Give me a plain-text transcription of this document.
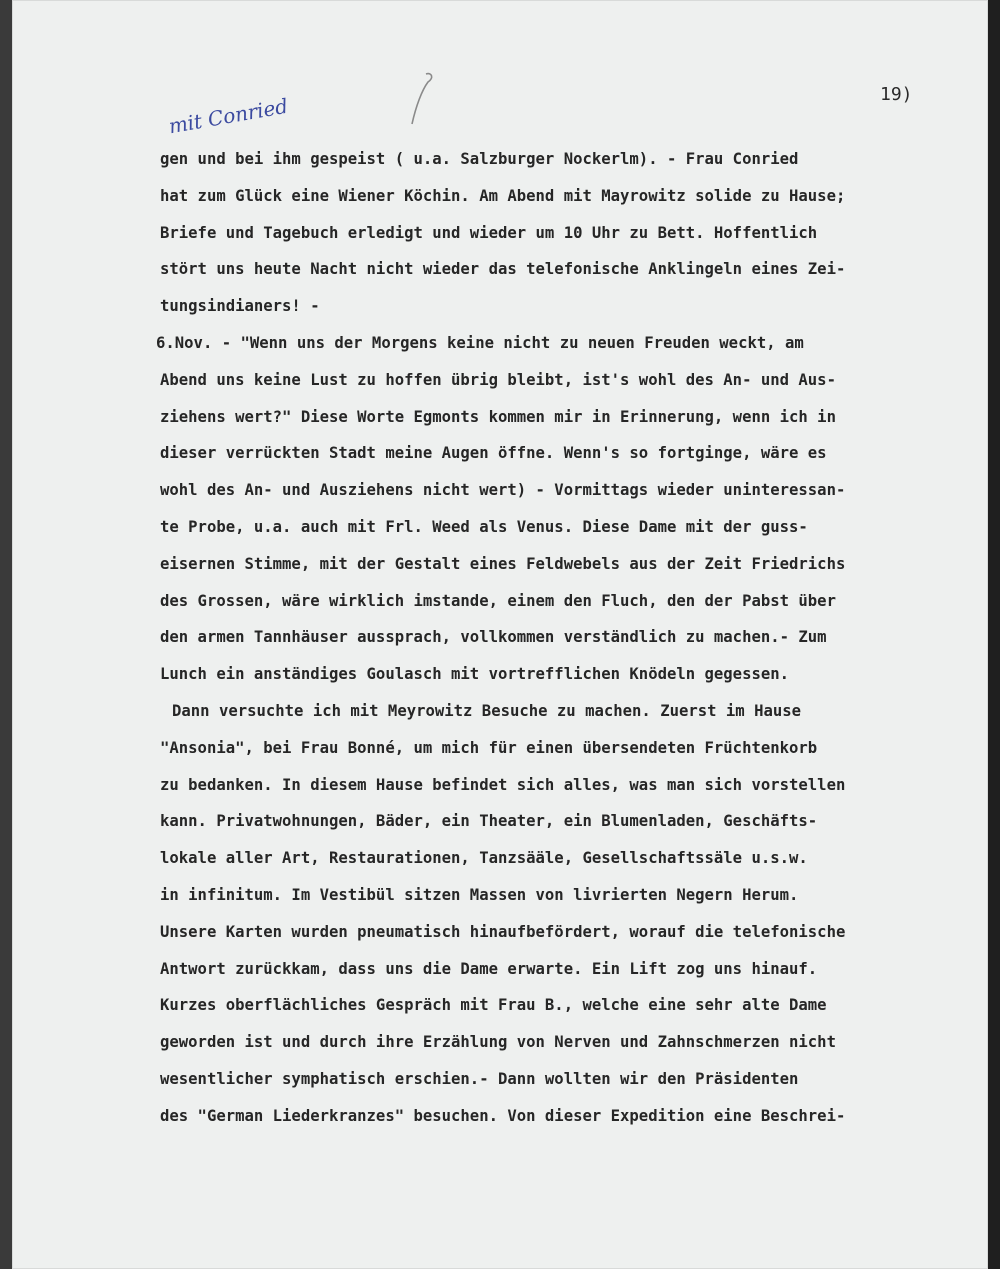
19)
mit Conried
gen und bei ihm gespeist ( u.a. Salzburger Nockerlm). - Frau Conried
hat zum Glück eine Wiener Köchin. Am Abend mit Mayrowitz solide zu Hause;
Briefe und Tagebuch erledigt und wieder um 10 Uhr zu Bett. Hoffentlich
stört uns heute Nacht nicht wieder das telefonische Anklingeln eines Zei-
tungsindianers! -
6.Nov. - "Wenn uns der Morgens keine nicht zu neuen Freuden weckt, am
Abend uns keine Lust zu hoffen übrig bleibt, ist's wohl des An- und Aus-
ziehens wert?" Diese Worte Egmonts kommen mir in Erinnerung, wenn ich in
dieser verrückten Stadt meine Augen öffne. Wenn's so fortginge, wäre es
wohl des An- und Ausziehens nicht wert) - Vormittags wieder uninteressan-
te Probe, u.a. auch mit Frl. Weed als Venus. Diese Dame mit der guss-
eisernen Stimme, mit der Gestalt eines Feldwebels aus der Zeit Friedrichs
des Grossen, wäre wirklich imstande, einem den Fluch, den der Pabst über
den armen Tannhäuser aussprach, vollkommen verständlich zu machen.- Zum
Lunch ein anständiges Goulasch mit vortrefflichen Knödeln gegessen.
Dann versuchte ich mit Meyrowitz Besuche zu machen. Zuerst im Hause
"Ansonia", bei Frau Bonné, um mich für einen übersendeten Früchtenkorb
zu bedanken. In diesem Hause befindet sich alles, was man sich vorstellen
kann. Privatwohnungen, Bäder, ein Theater, ein Blumenladen, Geschäfts-
lokale aller Art, Restaurationen, Tanzsääle, Gesellschaftssäle u.s.w.
in infinitum. Im Vestibül sitzen Massen von livrierten Negern Herum.
Unsere Karten wurden pneumatisch hinaufbefördert, worauf die telefonische
Antwort zurückkam, dass uns die Dame erwarte. Ein Lift zog uns hinauf.
Kurzes oberflächliches Gespräch mit Frau B., welche eine sehr alte Dame
geworden ist und durch ihre Erzählung von Nerven und Zahnschmerzen nicht
wesentlicher symphatisch erschien.- Dann wollten wir den Präsidenten
des "German Liederkranzes" besuchen. Von dieser Expedition eine Beschrei-
